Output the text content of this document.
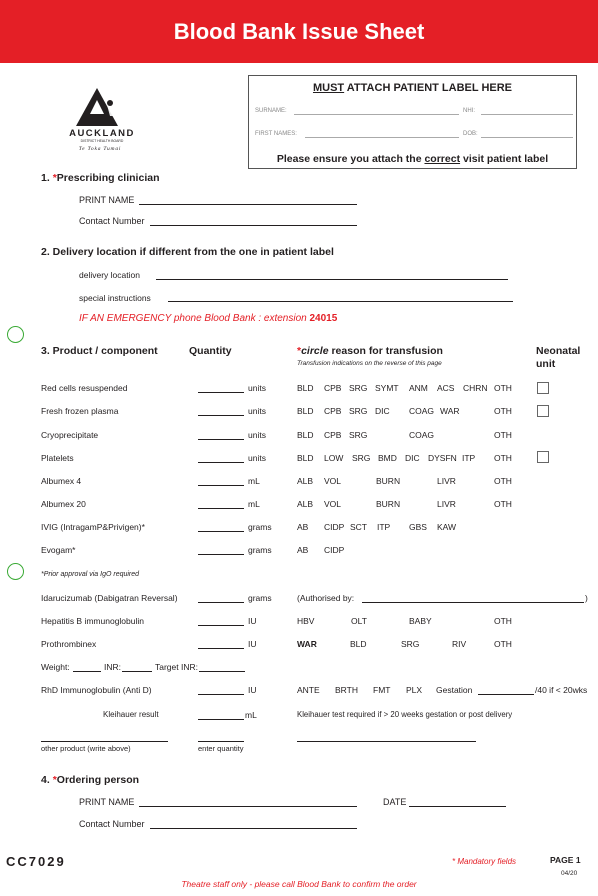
Blood Bank Issue Sheet
AUCKLAND
DISTRICT HEALTH BOARD
Te Toka Tumai
MUST ATTACH PATIENT LABEL HERE
SURNAME:	NHI:
FIRST NAMES:	DOB:
Please ensure you attach the correct visit patient label
1. *Prescribing clinician
PRINT NAME
Contact Number
2. Delivery location if different from the one in patient label
delivery location
special instructions
IF AN EMERGENCY phone Blood Bank : extension 24015
3. Product / component	Quantity	*circle reason for transfusion
Transfusion indications on the reverse of this page
Neonatal
unit
Red cells resuspended	units	BLD CPB SRG SYMT ANM ACS CHRN OTH
Fresh frozen plasma	units	BLD CPB SRG DIC COAG WAR	OTH
Cryoprecipitate	units	BLD CPB SRG	COAG	OTH
Platelets	units	BLD LOW SRG BMD DIC DYSFN ITP OTH
Albumex 4	mL	ALB VOL	BURN	LIVR	OTH
Albumex 20	mL	ALB VOL	BURN	LIVR	OTH
IVIG (IntragamP&Privigen)*	grams	AB CIDP SCT ITP GBS KAW
Evogam*	grams	AB CIDP
*Prior approval via IgO required
Idarucizumab (Dabigatran Reversal)	grams	(Authorised by:	)
Hepatitis B immunoglobulin	IU	HBV	OLT	BABY	OTH
Prothrombinex	IU	WAR	BLD	SRG	RIV	OTH
Weight:	INR:	Target INR:
RhD Immunoglobulin (Anti D)	IU	ANTE BRTH FMT PLX Gestation	/40 if < 20wks
Kleihauer result	mL	Kleihauer test required if > 20 weeks gestation or post delivery
other product (write above)	enter quantity
4. *Ordering person
PRINT NAME	DATE
Contact Number
CC7029	* Mandatory fields	PAGE 1
04/20
Theatre staff only - please call Blood Bank to confirm the order
